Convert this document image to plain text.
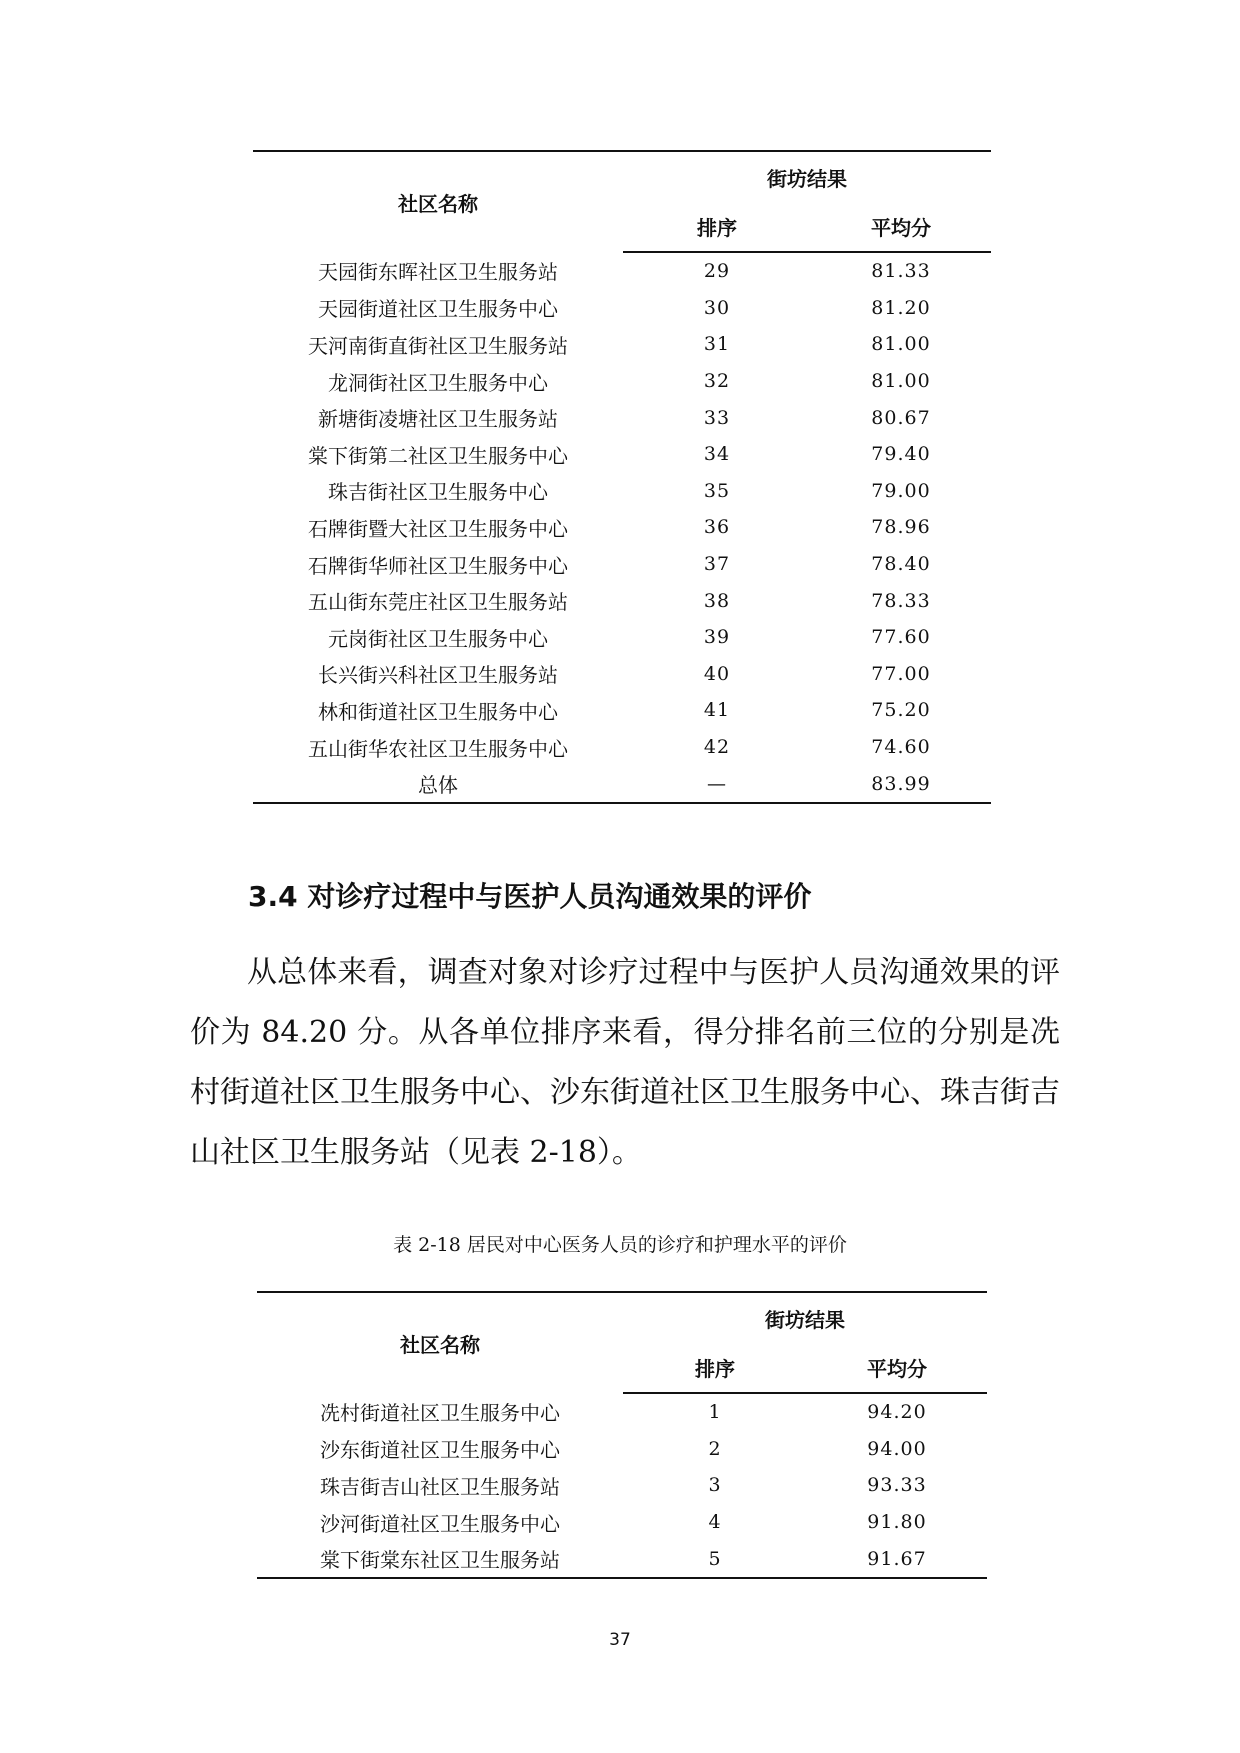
社区名称	街坊结果	
	排序	平均分
天园街东晖社区卫生服务站	29	81.33
天园街道社区卫生服务中心	30	81.20
天河南街直街社区卫生服务站	31	81.00
龙洞街社区卫生服务中心	32	81.00
新塘街凌塘社区卫生服务站	33	80.67
棠下街第二社区卫生服务中心	34	79.40
珠吉街社区卫生服务中心	35	79.00
石牌街暨大社区卫生服务中心	36	78.96
石牌街华师社区卫生服务中心	37	78.40
五山街东莞庄社区卫生服务站	38	78.33
元岗街社区卫生服务中心	39	77.60
长兴街兴科社区卫生服务站	40	77.00
林和街道社区卫生服务中心	41	75.20
五山街华农社区卫生服务中心	42	74.60
总体	—	83.99
3.4 对诊疗过程中与医护人员沟通效果的评价

从总体来看，调查对象对诊疗过程中与医护人员沟通效果的评价为 84.20 分。从各单位排序来看，得分排名前三位的分别是冼村街道社区卫生服务中心、沙东街道社区卫生服务中心、珠吉街吉山社区卫生服务站（见表 2-18）。

表 2-18 居民对中心医务人员的诊疗和护理水平的评价
社区名称	街坊结果	
	排序	平均分
冼村街道社区卫生服务中心	1	94.20
沙东街道社区卫生服务中心	2	94.00
珠吉街吉山社区卫生服务站	3	93.33
沙河街道社区卫生服务中心	4	91.80
棠下街棠东社区卫生服务站	5	91.67
37
